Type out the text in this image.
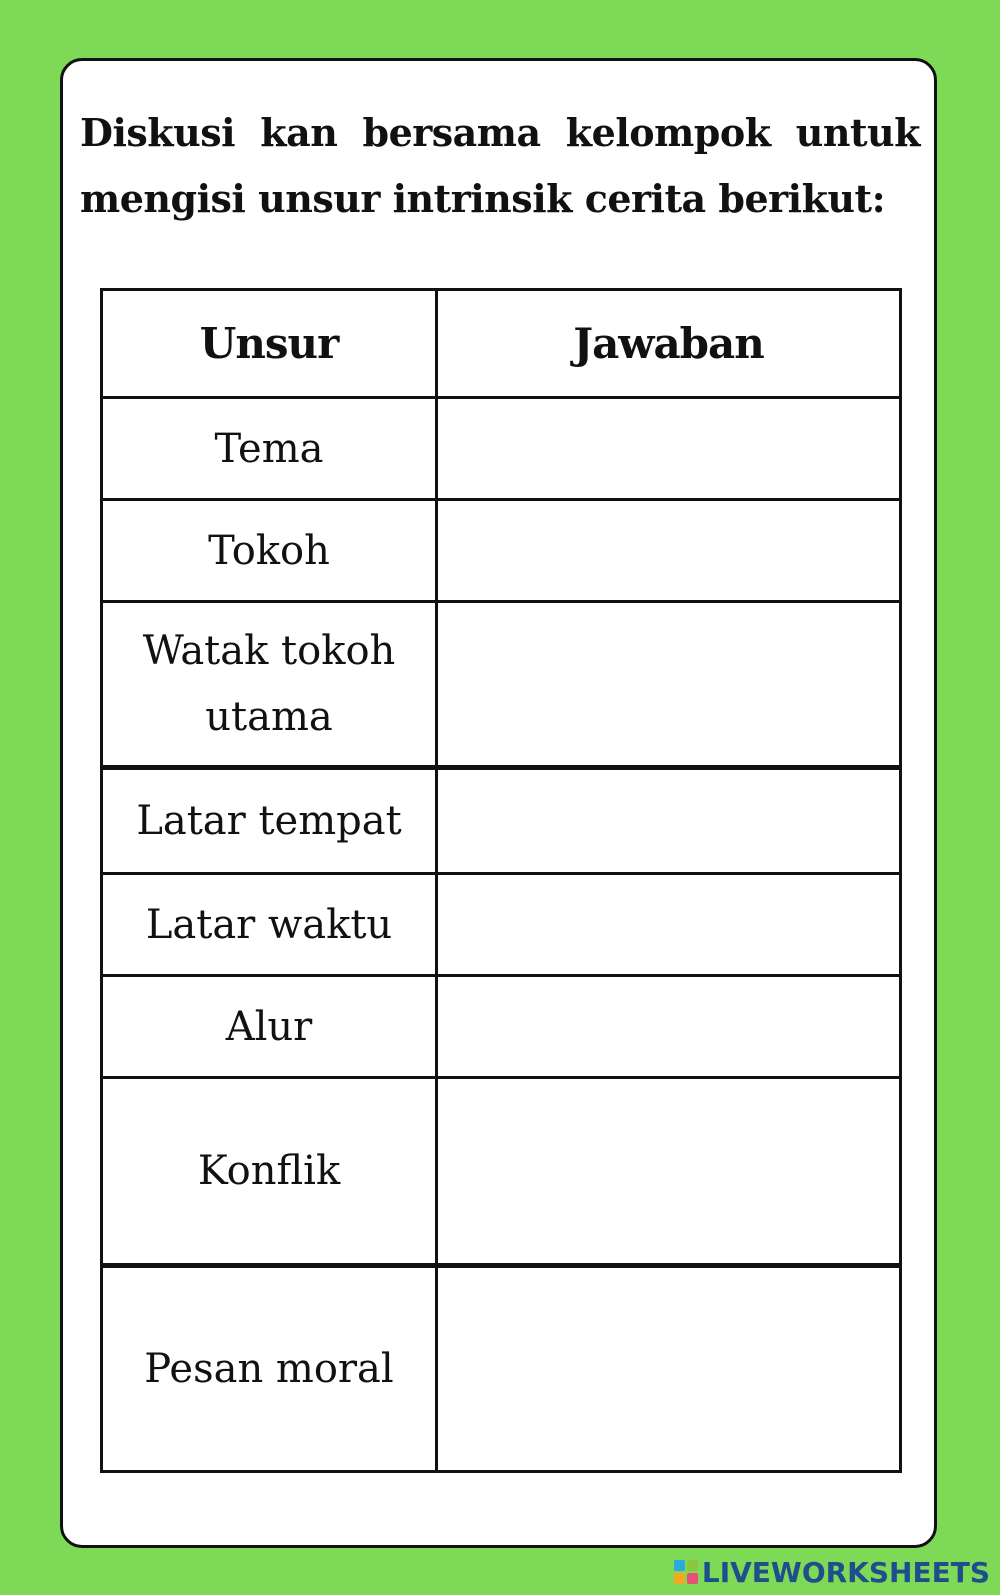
Diskusi kan bersama kelompok untuk mengisi unsur intrinsik cerita berikut:

Unsur	Jawaban
Tema	
Tokoh	
Watak tokoh utama	
Latar tempat	
Latar waktu	
Alur	
Konflik	
Pesan moral	
LIVEWORKSHEETS
